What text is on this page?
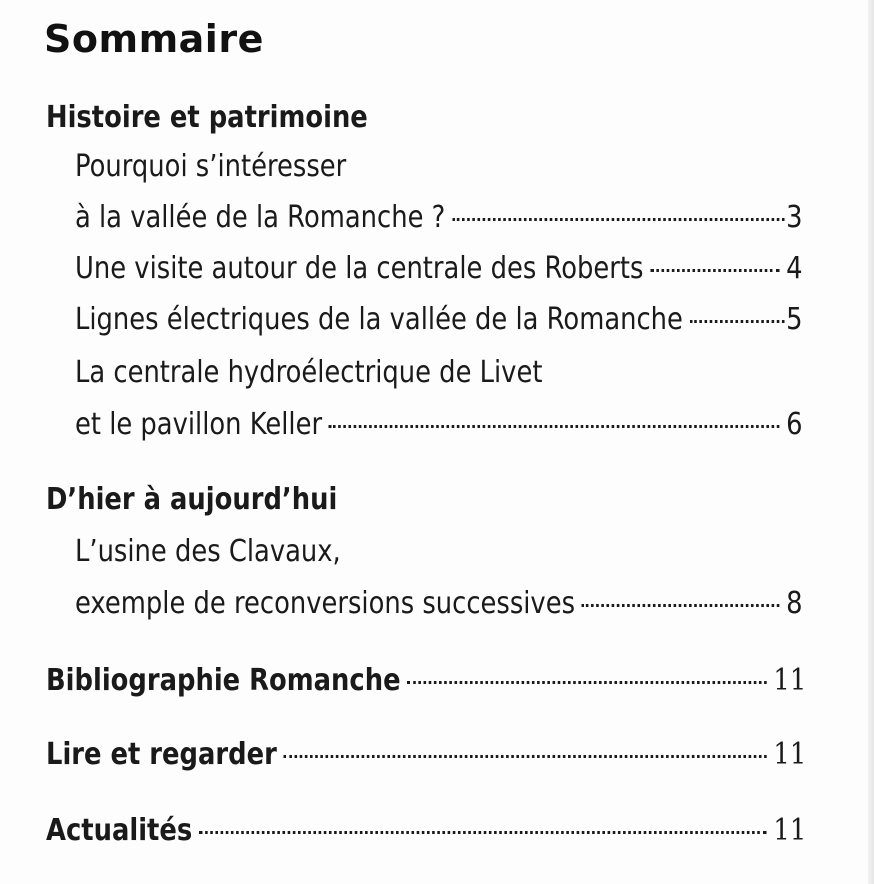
Sommaire
Histoire et patrimoine
Pourquoi s’intéresser
à la vallée de la Romanche ?	3
Une visite autour de la centrale des Roberts	4
Lignes électriques de la vallée de la Romanche	5
La centrale hydroélectrique de Livet
et le pavillon Keller	6
D’hier à aujourd’hui
L’usine des Clavaux,
exemple de reconversions successives	8
Bibliographie Romanche	11
Lire et regarder	11
Actualités	11
